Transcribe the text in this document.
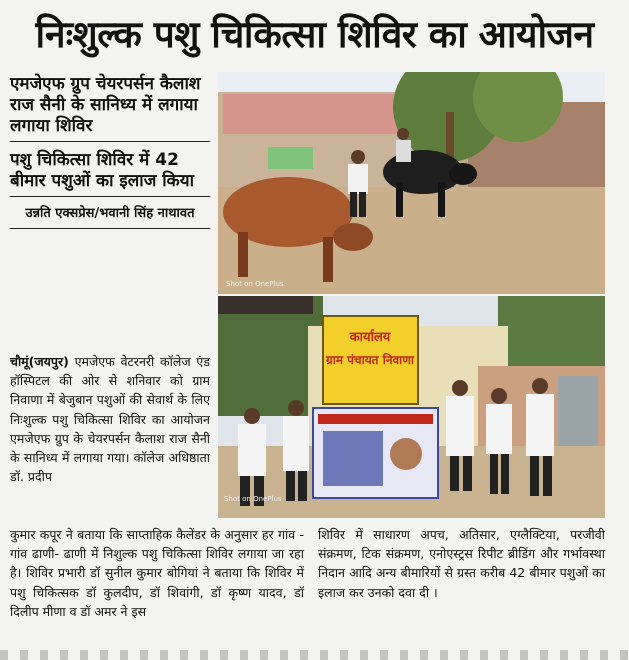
निःशुल्क पशु चिकित्सा शिविर का आयोजन
एमजेएफ ग्रुप चेयरपर्सन कैलाश राज सैनी के सानिध्य में लगाया लगाया शिविर
पशु चिकित्सा शिविर में 42 बीमार पशुओं का इलाज किया
उन्नति एक्सप्रेस/भवानी सिंह नाथावत
Shot on OnePlus
कार्यालय
ग्राम पंचायत निवाणा
Shot on OnePlus
चौमूं(जयपुर) एमजेएफ वेटरनरी कॉलेज एंड हॉस्पिटल की ओर से शनिवार को ग्राम निवाणा में बेजुबान पशुओं की सेवार्थ के लिए निःशुल्क पशु चिकित्सा शिविर का आयोजन एमजेएफ ग्रुप के चेयरपर्सन कैलाश राज सैनी के सानिध्य में लगाया गया। कॉलेज अधिष्ठाता डॉ. प्रदीप
कुमार कपूर ने बताया कि साप्ताहिक कैलेंडर के अनुसार हर गांव - गांव ढाणी- ढाणी में निशुल्क पशु चिकित्सा शिविर लगाया जा रहा है। शिविर प्रभारी डॉ सुनील कुमार बोगियां ने बताया कि शिविर में पशु चिकित्सक डॉ कुलदीप, डॉ शिवांगी, डॉ कृष्ण यादव, डॉ दिलीप मीणा व डॉ अमर ने इस
शिविर में साधारण अपच, अतिसार, एग्लैक्टिया, परजीवी संक्रमण, टिक संक्रमण, एनोएस्ट्रस रिपीट ब्रीडिंग और गर्भावस्था निदान आदि अन्य बीमारियों से ग्रस्त करीब 42 बीमार पशुओं का इलाज कर उनको दवा दी ।
